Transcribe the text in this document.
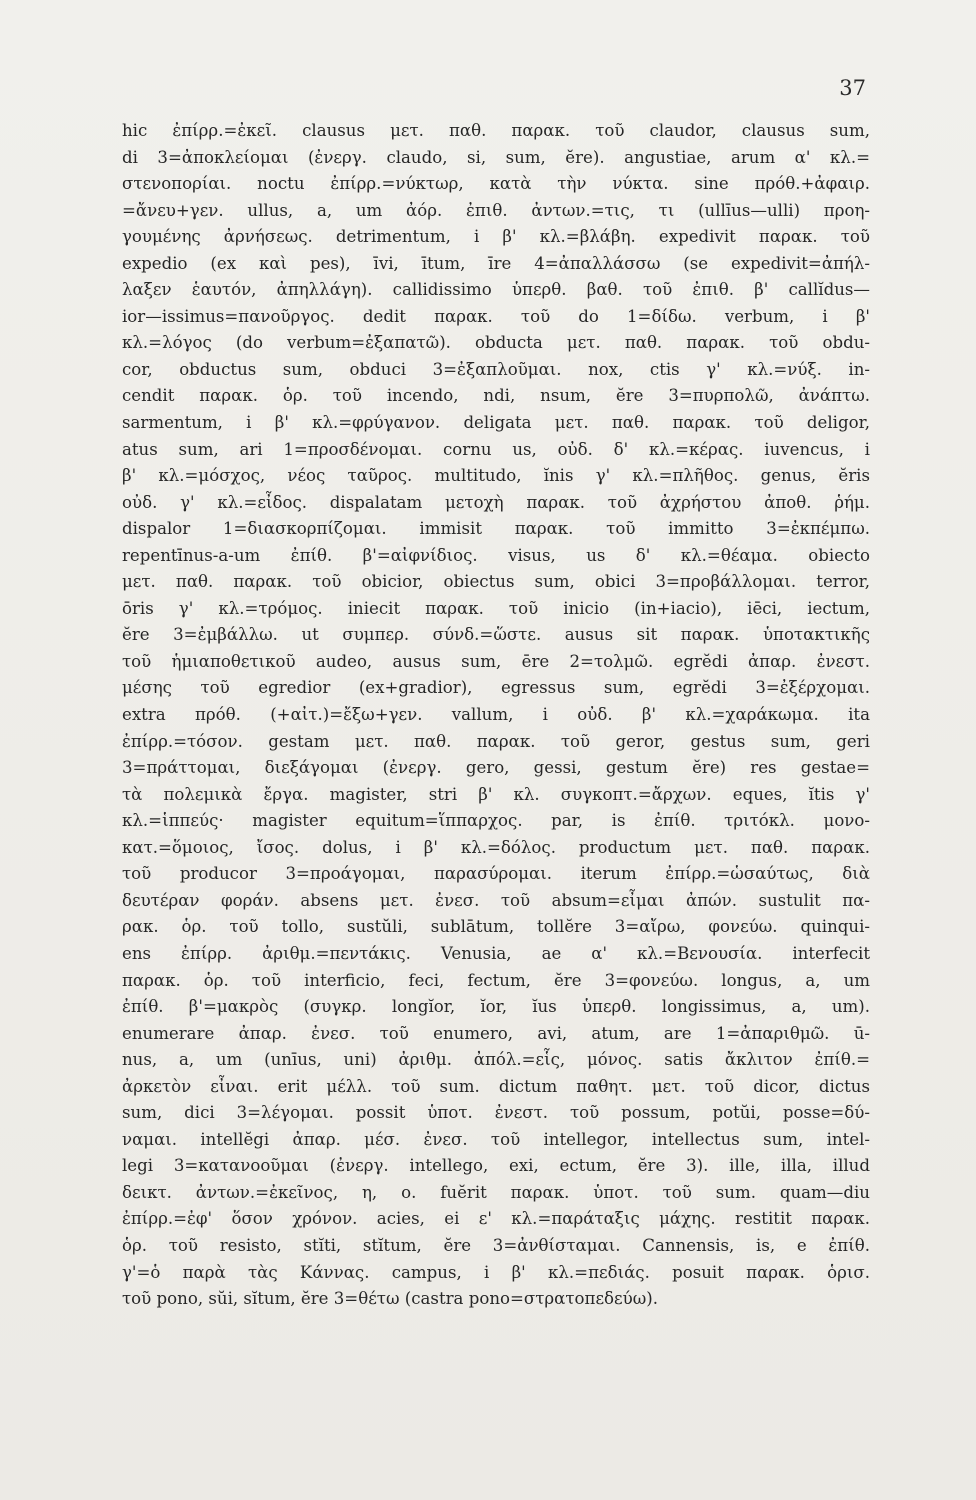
37
hic ἐπίρρ.=ἐκεῖ. clausus μετ. παθ. παρακ. τοῦ claudor, clausus sum,
di 3=ἀποκλείομαι (ἐνεργ. claudo, si, sum, ĕre). angustiae, arum α' κλ.=
στενοπορίαι. noctu ἐπίρρ.=νύκτωρ, κατὰ τὴν νύκτα. sine πρόθ.+ἀφαιρ.
=ἄνευ+γεν. ullus, a, um ἀόρ. ἐπιθ. ἀντων.=τις, τι (ullīus—ulli) προη-
γουμένης ἀρνήσεως. detrimentum, i β' κλ.=βλάβη. expedivit παρακ. τοῦ
expedio (ex καὶ pes), īvi, ītum, īre 4=ἀπαλλάσσω (se expedivit=ἀπήλ-
λαξεν ἑαυτόν, ἀπηλλάγη). callidissimo ὑπερθ. βαθ. τοῦ ἐπιθ. β' callĭdus—
ior—issimus=πανοῦργος. dedit παρακ. τοῦ do 1=δίδω. verbum, i β'
κλ.=λόγος (do verbum=ἐξαπατῶ). obducta μετ. παθ. παρακ. τοῦ obdu-
cor, obductus sum, obduci 3=ἐξαπλοῦμαι. nox, ctis γ' κλ.=νύξ. in-
cendit παρακ. ὁρ. τοῦ incendo, ndi, nsum, ĕre 3=πυρπολῶ, ἀνάπτω.
sarmentum, i β' κλ.=φρύγανον. deligata μετ. παθ. παρακ. τοῦ deligor,
atus sum, ari 1=προσδένομαι. cornu us, οὐδ. δ' κλ.=κέρας. iuvencus, i
β' κλ.=μόσχος, νέος ταῦρος. multitudo, ĭnis γ' κλ.=πλῆθος. genus, ĕris
οὐδ. γ' κλ.=εἶδος. dispalatam μετοχὴ παρακ. τοῦ ἀχρήστου ἀποθ. ῥήμ.
dispalor 1=διασκορπίζομαι. immisit παρακ. τοῦ immitto 3=ἐκπέμπω.
repentīnus-a-um ἐπίθ. β'=αἰφνίδιος. visus, us δ' κλ.=θέαμα. obiecto
μετ. παθ. παρακ. τοῦ obicior, obiectus sum, obici 3=προβάλλομαι. terror,
ōris γ' κλ.=τρόμος. iniecit παρακ. τοῦ inicio (in+iacio), iēci, iectum,
ĕre 3=ἐμβάλλω. ut συμπερ. σύνδ.=ὥστε. ausus sit παρακ. ὑποτακτικῆς
τοῦ ἡμιαποθετικοῦ audeo, ausus sum, ēre 2=τολμῶ. egrĕdi ἀπαρ. ἐνεστ.
μέσης τοῦ egredior (ex+gradior), egressus sum, egrĕdi 3=ἐξέρχομαι.
extra πρόθ. (+αἰτ.)=ἔξω+γεν. vallum, i οὐδ. β' κλ.=χαράκωμα. ita
ἐπίρρ.=τόσον. gestam μετ. παθ. παρακ. τοῦ geror, gestus sum, geri
3=πράττομαι, διεξάγομαι (ἐνεργ. gero, gessi, gestum ĕre) res gestae=
τὰ πολεμικὰ ἔργα. magister, stri β' κλ. συγκοπτ.=ἄρχων. eques, ĭtis γ'
κλ.=ἱππεύς· magister equitum=ἵππαρχος. par, is ἐπίθ. τριτόκλ. μονο-
κατ.=ὅμοιος, ἴσος. dolus, i β' κλ.=δόλος. productum μετ. παθ. παρακ.
τοῦ producor 3=προάγομαι, παρασύρομαι. iterum ἐπίρρ.=ὡσαύτως, διὰ
δευτέραν φοράν. absens μετ. ἐνεσ. τοῦ absum=εἶμαι ἀπών. sustulit πα-
ρακ. ὁρ. τοῦ tollo, sustŭli, sublātum, tollĕre 3=αἴρω, φονεύω. quinqui-
ens ἐπίρρ. ἀριθμ.=πεντάκις. Venusia, ae α' κλ.=Βενουσία. interfecit
παρακ. ὁρ. τοῦ interficio, feci, fectum, ĕre 3=φονεύω. longus, a, um
ἐπίθ. β'=μακρὸς (συγκρ. longĭor, ĭor, ĭus ὑπερθ. longissimus, a, um).
enumerare ἀπαρ. ἐνεσ. τοῦ enumero, avi, atum, are 1=ἀπαριθμῶ. ū-
nus, a, um (unīus, uni) ἀριθμ. ἀπόλ.=εἷς, μόνος. satis ἄκλιτον ἐπίθ.=
ἀρκετὸν εἶναι. erit μέλλ. τοῦ sum. dictum παθητ. μετ. τοῦ dicor, dictus
sum, dici 3=λέγομαι. possit ὑποτ. ἐνεστ. τοῦ possum, potŭi, posse=δύ-
ναμαι. intellĕgi ἀπαρ. μέσ. ἐνεσ. τοῦ intellegor, intellectus sum, intel-
legi 3=κατανοοῦμαι (ἐνεργ. intellego, exi, ectum, ĕre 3). ille, illa, illud
δεικτ. ἀντων.=ἐκεῖνος, η, ο. fuĕrit παρακ. ὑποτ. τοῦ sum. quam—diu
ἐπίρρ.=ἐφ' ὅσον χρόνον. acies, ei ε' κλ.=παράταξις μάχης. restitit παρακ.
ὁρ. τοῦ resisto, stĭti, stĭtum, ĕre 3=ἀνθίσταμαι. Cannensis, is, e ἐπίθ.
γ'=ὁ παρὰ τὰς Κάννας. campus, i β' κλ.=πεδιάς. posuit παρακ. ὁρισ.
τοῦ pono, sŭi, sĭtum, ĕre 3=θέτω (castra pono=στρατοπεδεύω).
